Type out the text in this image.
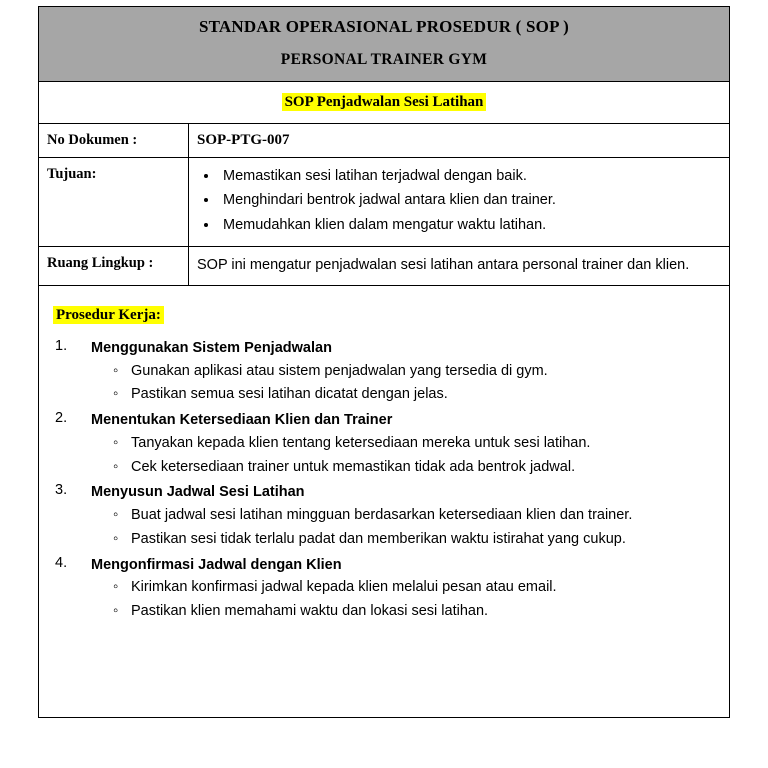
STANDAR OPERASIONAL PROSEDUR ( SOP )
PERSONAL TRAINER GYM	

SOP Penjadwalan Sesi Latihan	
No Dokumen :	SOP-PTG-007
Tujuan:	
•Memastikan sesi latihan terjadwal dengan baik.
• Menghindari bentrok jadwal antara klien dan trainer.
• Memudahkan klien dalam mengatur waktu latihan.

Ruang Lingkup :	SOP ini mengatur penjadwalan sesi latihan antara personal trainer dan klien.

Prosedur Kerja:
Menggunakan Sistem Penjadwalan
◦ Gunakan aplikasi atau sistem penjadwalan yang tersedia di gym.
◦ Pastikan semua sesi latihan dicatat dengan jelas.
Menentukan Ketersediaan Klien dan Trainer
◦ Tanyakan kepada klien tentang ketersediaan mereka untuk sesi latihan.
◦ Cek ketersediaan trainer untuk memastikan tidak ada bentrok jadwal.
Menyusun Jadwal Sesi Latihan
◦ Buat jadwal sesi latihan mingguan berdasarkan ketersediaan klien dan trainer.
◦ Pastikan sesi tidak terlalu padat dan memberikan waktu istirahat yang cukup.
Mengonfirmasi Jadwal dengan Klien
◦ Kirimkan konfirmasi jadwal kepada klien melalui pesan atau email.
◦ Pastikan klien memahami waktu dan lokasi sesi latihan.
